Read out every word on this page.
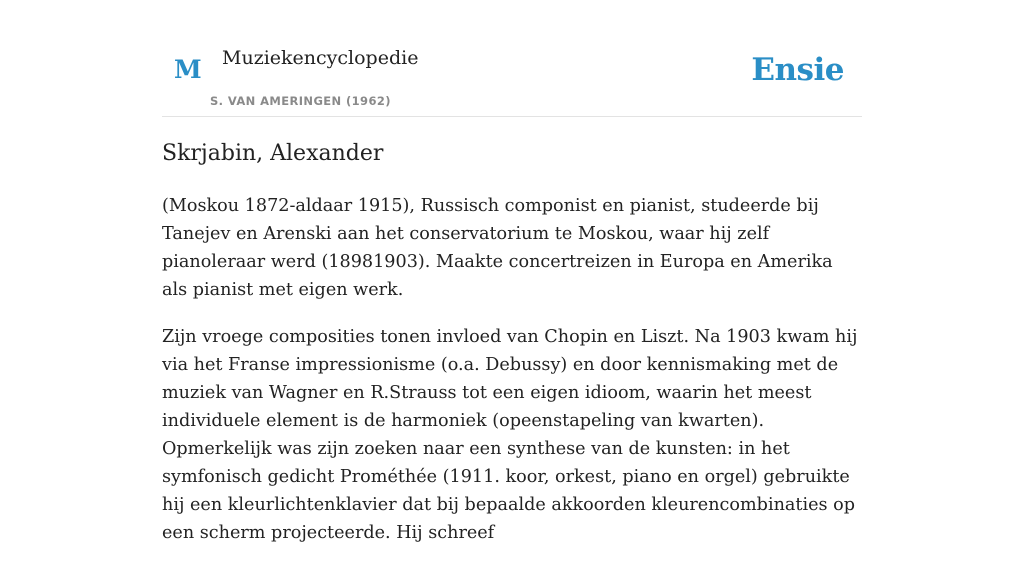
M Muziekencyclopedie
S. VAN AMERINGEN (1962)
Ensie
Skrjabin, Alexander

(Moskou 1872-aldaar 1915), Russisch componist en pianist, studeerde bij Tanejev en Arenski aan het conservatorium te Moskou, waar hij zelf pianoleraar werd (18981903). Maakte concertreizen in Europa en Amerika als pianist met eigen werk.

Zijn vroege composities tonen invloed van Chopin en Liszt. Na 1903 kwam hij via het Franse impressionisme (o.a. Debussy) en door kennismaking met de muziek van Wagner en R.Strauss tot een eigen idioom, waarin het meest individuele element is de harmoniek (opeenstapeling van kwarten). Opmerkelijk was zijn zoeken naar een synthese van de kunsten: in het symfonisch gedicht Prométhée (1911. koor, orkest, piano en orgel) gebruikte hij een kleurlichtenklavier dat bij bepaalde akkoorden kleurencombinaties op een scherm projecteerde. Hij schreef
